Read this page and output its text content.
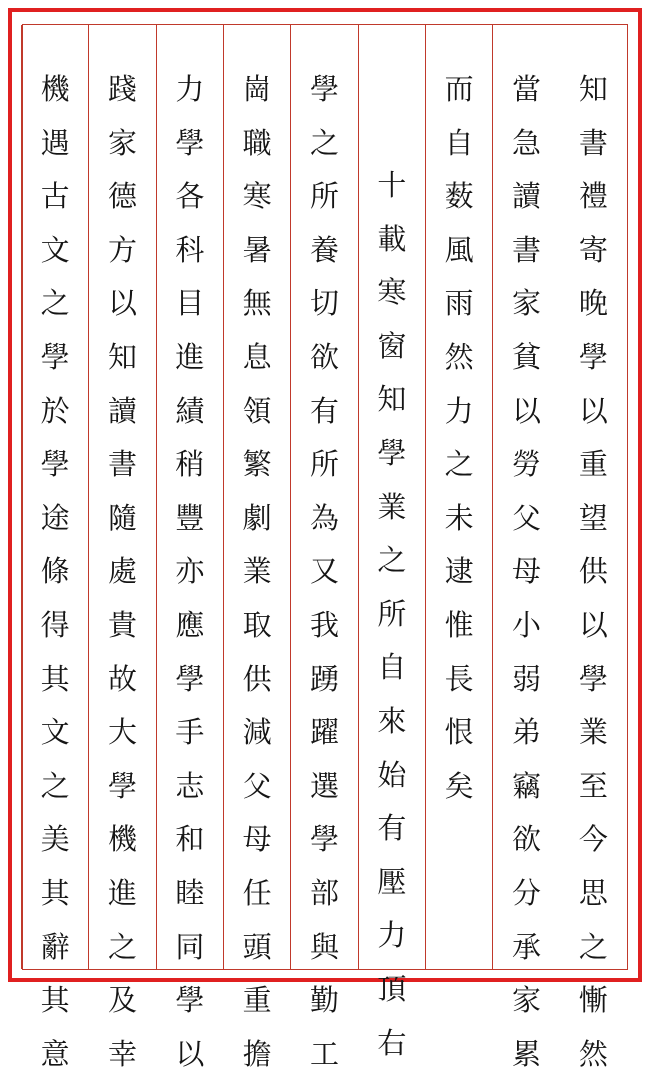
知
書
禮
寄
晚
學
以
重
望
供
以
學
業
至
今
思
之
慚
然
當
急
讀
書
家
貧
以
勞
父
母
小
弱
弟
竊
欲
分
承
家
累
而
自
薮
風
雨
然
力
之
未
逮
惟
長
恨
矣
十
載
寒
窗
知
學
業
之
所
自
來
始
有
壓
力
頂
右
學
之
所
養
切
欲
有
所
為
又
我
踴
躍
選
學
部
與
勤
工
崗
職
寒
暑
無
息
領
繁
劇
業
取
供
減
父
母
任
頭
重
擔
力
學
各
科
目
進
績
稍
豐
亦
應
學
手
志
和
睦
同
學
以
踐
家
德
方
以
知
讀
書
隨
處
貴
故
大
學
機
進
之
及
幸
機
遇
古
文
之
學
於
學
途
條
得
其
文
之
美
其
辭
其
意
